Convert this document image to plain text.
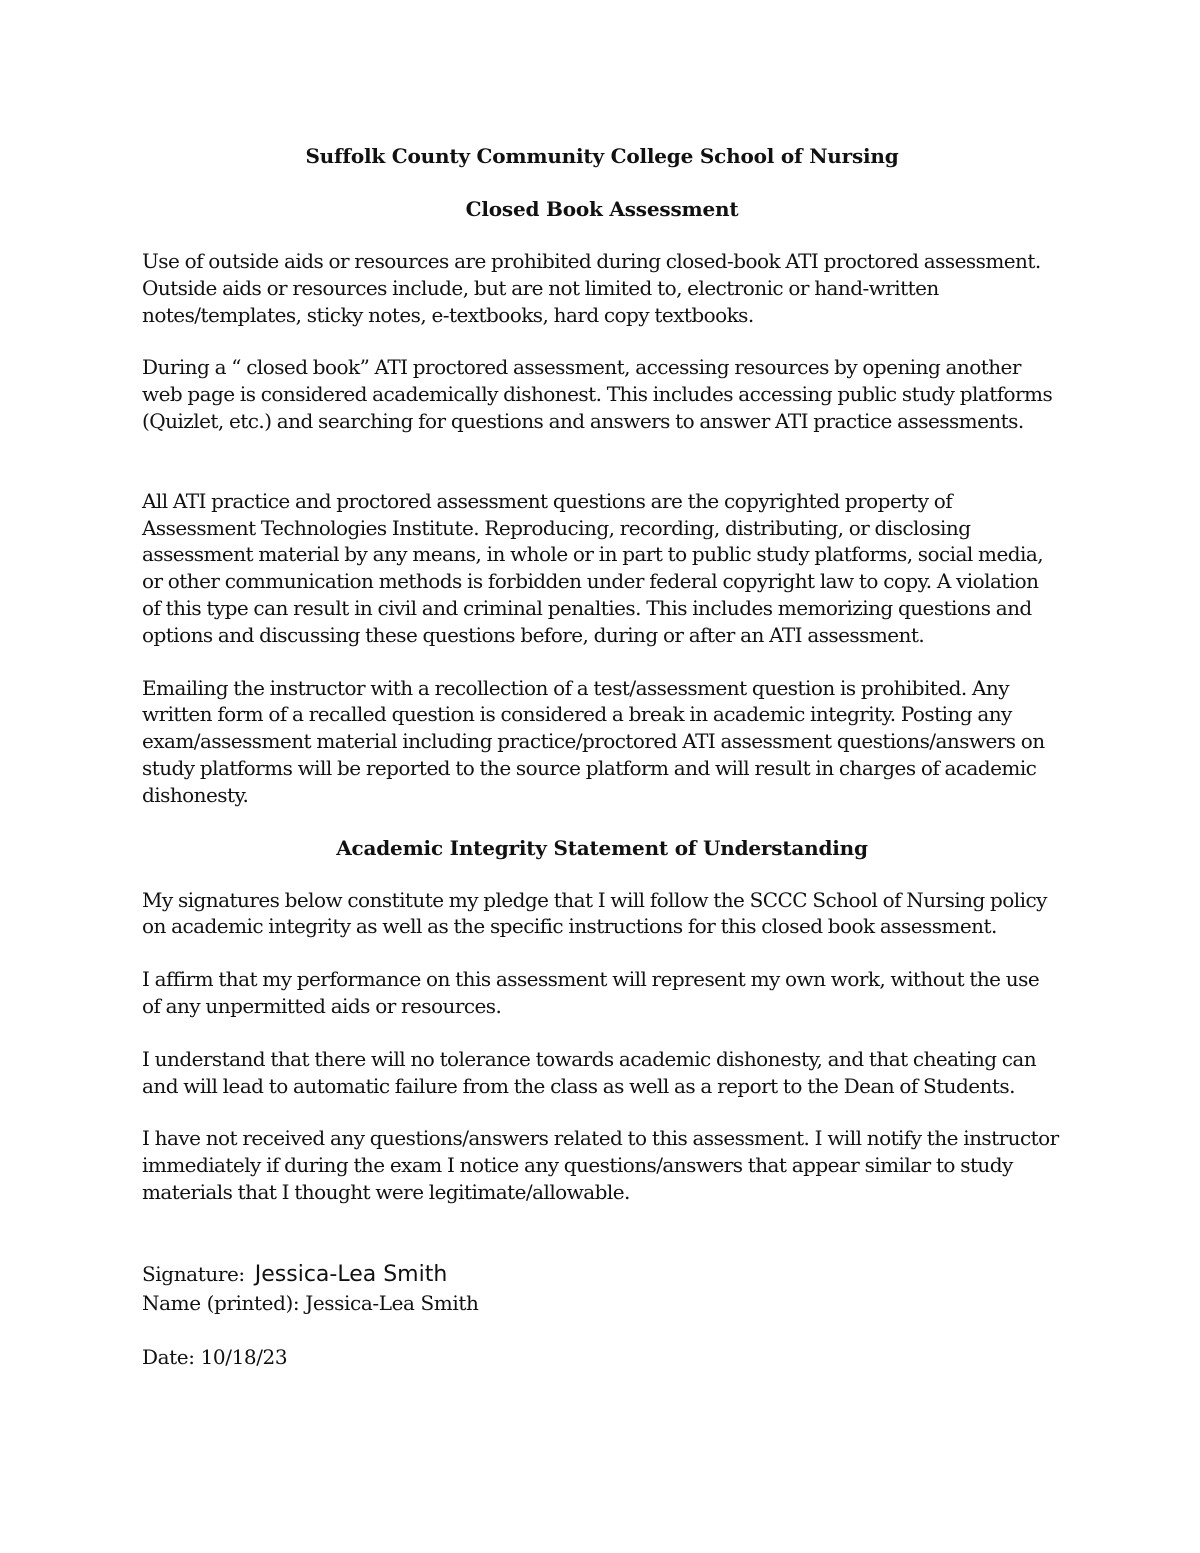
Suffolk County Community College School of Nursing
Closed Book Assessment

Use of outside aids or resources are prohibited during closed-book ATI proctored assessment. Outside aids or resources include, but are not limited to, electronic or hand-written notes/templates, sticky notes, e-textbooks, hard copy textbooks.

During a “ closed book” ATI proctored assessment, accessing resources by opening another web page is considered academically dishonest. This includes accessing public study platforms (Quizlet, etc.) and searching for questions and answers to answer ATI practice assessments.

All ATI practice and proctored assessment questions are the copyrighted property of Assessment Technologies Institute. Reproducing, recording, distributing, or disclosing assessment material by any means, in whole or in part to public study platforms, social media, or other communication methods is forbidden under federal copyright law to copy. A violation of this type can result in civil and criminal penalties. This includes memorizing questions and options and discussing these questions before, during or after an ATI assessment.

Emailing the instructor with a recollection of a test/assessment question is prohibited. Any written form of a recalled question is considered a break in academic integrity. Posting any exam/assessment material including practice/proctored ATI assessment questions/answers on study platforms will be reported to the source platform and will result in charges of academic dishonesty.

Academic Integrity Statement of Understanding

My signatures below constitute my pledge that I will follow the SCCC School of Nursing policy on academic integrity as well as the specific instructions for this closed book assessment.

I affirm that my performance on this assessment will represent my own work, without the use of any unpermitted aids or resources.

I understand that there will no tolerance towards academic dishonesty, and that cheating can and will lead to automatic failure from the class as well as a report to the Dean of Students.

I have not received any questions/answers related to this assessment. I will notify the instructor immediately if during the exam I notice any questions/answers that appear similar to study materials that I thought were legitimate/allowable.

Signature: Jessica-Lea Smith
Name (printed): Jessica-Lea Smith
Date: 10/18/23
